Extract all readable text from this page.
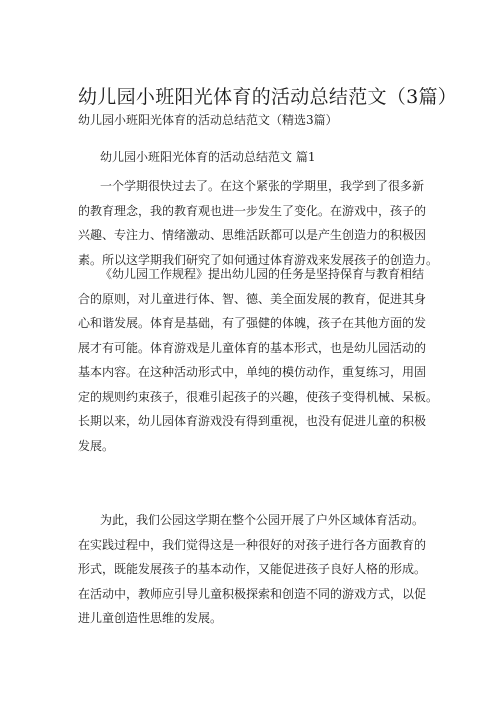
幼儿园小班阳光体育的活动总结范文（3篇）

幼儿园小班阳光体育的活动总结范文（精选3篇）

幼儿园小班阳光体育的活动总结范文 篇1

一个学期很快过去了。在这个紧张的学期里，我学到了很多新
的教育理念，我的教育观也进一步发生了变化。在游戏中，孩子的
兴趣、专注力、情绪激动、思维活跃都可以是产生创造力的积极因
素。所以这学期我们研究了如何通过体育游戏来发展孩子的创造力。
《幼儿园工作规程》提出幼儿园的任务是坚持保育与教育相结
合的原则，对儿童进行体、智、德、美全面发展的教育，促进其身
心和谐发展。体育是基础，有了强健的体魄，孩子在其他方面的发
展才有可能。体育游戏是儿童体育的基本形式，也是幼儿园活动的
基本内容。在这种活动形式中，单纯的模仿动作，重复练习，用固
定的规则约束孩子，很难引起孩子的兴趣，使孩子变得机械、呆板。
长期以来，幼儿园体育游戏没有得到重视，也没有促进儿童的积极
发展。
为此，我们公园这学期在整个公园开展了户外区域体育活动。
在实践过程中，我们觉得这是一种很好的对孩子进行各方面教育的
形式，既能发展孩子的基本动作，又能促进孩子良好人格的形成。
在活动中，教师应引导儿童积极探索和创造不同的游戏方式，以促
进儿童创造性思维的发展。
